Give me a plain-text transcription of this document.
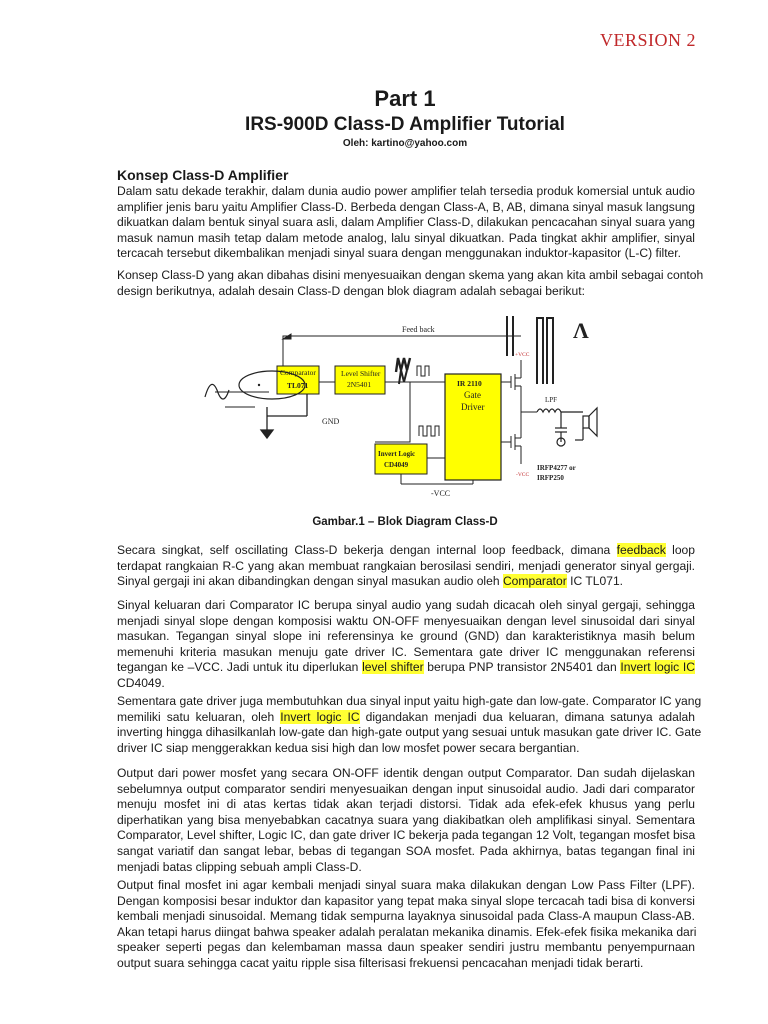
VERSION 2
Part 1
IRS-900D Class-D Amplifier Tutorial
Oleh: kartino@yahoo.com
Konsep Class-D Amplifier
Dalam satu dekade terakhir, dalam dunia audio power amplifier telah tersedia produk komersial untuk audio
amplifier jenis baru yaitu Amplifier Class-D. Berbeda dengan Class-A, B, AB, dimana sinyal masuk langsung
dikuatkan dalam bentuk sinyal suara asli, dalam Amplifier Class-D, dilakukan pencacahan sinyal suara yang
masuk namun masih tetap dalam metode analog, lalu sinyal dikuatkan. Pada tingkat akhir amplifier, sinyal
tercacah tersebut dikembalikan menjadi sinyal suara dengan menggunakan induktor-kapasitor (L-C) filter.
Konsep Class-D yang akan dibahas disini menyesuaikan dengan skema yang akan kita ambil sebagai contoh
design berikutnya, adalah desain Class-D dengan blok diagram adalah sebagai berikut:
Feed back	Λ
Comparator
TL071
GND
Level Shifter
2N5401	IR 2110
Gate
Driver
Invert Logic
CD4049
-VCC
+VCC
-VCC
LPF
IRFP4277 or
IRFP250
Gambar.1 – Blok Diagram Class-D
Secara singkat, self oscillating Class-D bekerja dengan internal loop feedback, dimana feedback loop
terdapat rangkaian R-C yang akan membuat rangkaian berosilasi sendiri, menjadi generator sinyal gergaji.
Sinyal gergaji ini akan dibandingkan dengan sinyal masukan audio oleh Comparator IC TL071.
Sinyal keluaran dari Comparator IC berupa sinyal audio yang sudah dicacah oleh sinyal gergaji, sehingga
menjadi sinyal slope dengan komposisi waktu ON-OFF menyesuaikan dengan level sinusoidal dari sinyal
masukan. Tegangan sinyal slope ini referensinya ke ground (GND) dan karakteristiknya masih belum
memenuhi kriteria masukan menuju gate driver IC. Sementara gate driver IC menggunakan referensi
tegangan ke –VCC. Jadi untuk itu diperlukan level shifter berupa PNP transistor 2N5401 dan Invert logic IC
CD4049.
Sementara gate driver juga membutuhkan dua sinyal input yaitu high-gate dan low-gate. Comparator IC yang
memiliki satu keluaran, oleh Invert logic IC digandakan menjadi dua keluaran, dimana satunya adalah
inverting hingga dihasilkanlah low-gate dan high-gate output yang sesuai untuk masukan gate driver IC. Gate
driver IC siap menggerakkan kedua sisi high dan low mosfet power secara bergantian.
Output dari power mosfet yang secara ON-OFF identik dengan output Comparator. Dan sudah dijelaskan
sebelumnya output comparator sendiri menyesuaikan dengan input sinusoidal audio. Jadi dari comparator
menuju mosfet ini di atas kertas tidak akan terjadi distorsi. Tidak ada efek-efek khusus yang perlu
diperhatikan yang bisa menyebabkan cacatnya suara yang diakibatkan oleh amplifikasi sinyal. Sementara
Comparator, Level shifter, Logic IC, dan gate driver IC bekerja pada tegangan 12 Volt, tegangan mosfet bisa
sangat variatif dan sangat lebar, bebas di tegangan SOA mosfet. Pada akhirnya, batas tegangan final ini
menjadi batas clipping sebuah ampli Class-D.
Output final mosfet ini agar kembali menjadi sinyal suara maka dilakukan dengan Low Pass Filter (LPF).
Dengan komposisi besar induktor dan kapasitor yang tepat maka sinyal slope tercacah tadi bisa di konversi
kembali menjadi sinusoidal. Memang tidak sempurna layaknya sinusoidal pada Class-A maupun Class-AB.
Akan tetapi harus diingat bahwa speaker adalah peralatan mekanika dinamis. Efek-efek fisika mekanika dari
speaker seperti pegas dan kelembaman massa daun speaker sendiri justru membantu penyempurnaan
output suara sehingga cacat yaitu ripple sisa filterisasi frekuensi pencacahan menjadi tidak berarti.
